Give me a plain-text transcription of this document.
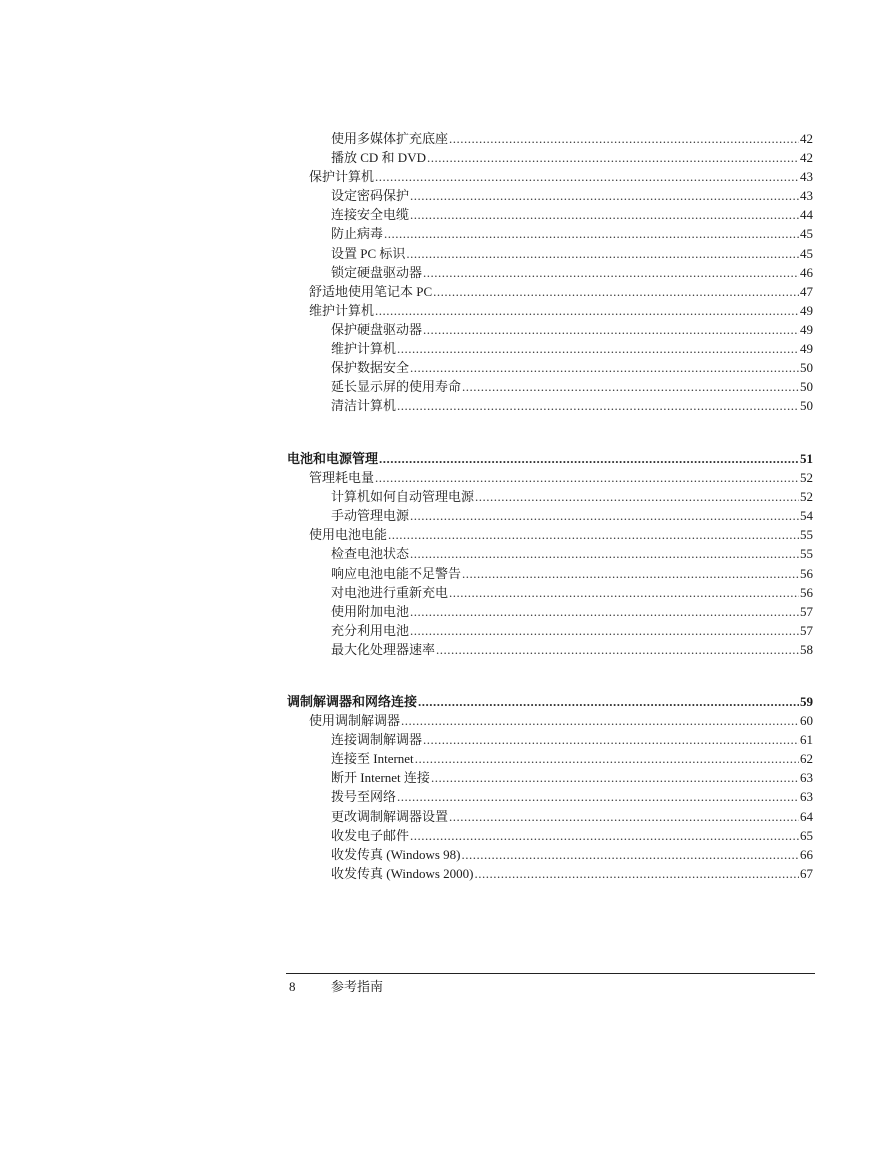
使用多媒体扩充底座 .....	42
播放 CD 和 DVD .....	42
保护计算机 .....	43
设定密码保护 .....	43
连接安全电缆 .....	44
防止病毒 .....	45
设置 PC 标识 .....	45
锁定硬盘驱动器 .....	46
舒适地使用笔记本 PC .....	47
维护计算机 .....	49
保护硬盘驱动器 .....	49
维护计算机 .....	49
保护数据安全 .....	50
延长显示屏的使用寿命 .....	50
清洁计算机 .....	50
电池和电源管理 .....	51
管理耗电量 .....	52
计算机如何自动管理电源 .....	52
手动管理电源 .....	54
使用电池电能 .....	55
检查电池状态 .....	55
响应电池电能不足警告 .....	56
对电池进行重新充电 .....	56
使用附加电池 .....	57
充分利用电池 .....	57
最大化处理器速率 .....	58
调制解调器和网络连接 .....	59
使用调制解调器 .....	60
连接调制解调器 .....	61
连接至 Internet .....	62
断开 Internet 连接 .....	63
拨号至网络 .....	63
更改调制解调器设置 .....	64
收发电子邮件 .....	65
收发传真 (Windows 98) .....	66
收发传真 (Windows 2000) .....	67
8	参考指南
